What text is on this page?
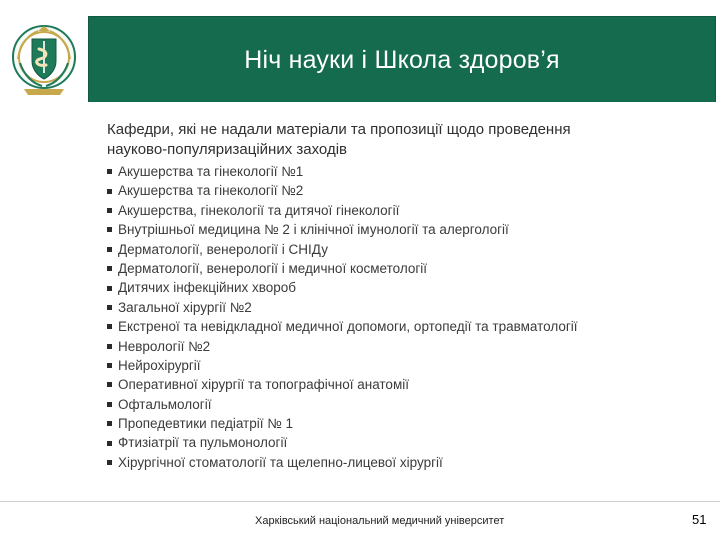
Ніч науки і Школа здоров’я
Кафедри, які не надали матеріали та пропозиції щодо проведення
науково-популяризаційних заходів
Акушерства та гінекології №1
Акушерства та гінекології №2
Акушерства, гінекології та дитячої гінекології
Внутрішньої медицина № 2 і клінічної імунології та алергології
Дерматології, венерології і СНІДу
Дерматології, венерології і медичної косметології
Дитячих інфекційних хвороб
Загальної хірургії №2
Екстреної та невідкладної медичної допомоги, ортопедії та травматології
Неврології №2
Нейрохірургії
Оперативної хірургії та топографічної анатомії
Офтальмології
Пропедевтики педіатрії № 1
Фтизіатрії та пульмонології
Хірургічної стоматології та щелепно-лицевої хірургії
Харківський національний медичний університет	51
